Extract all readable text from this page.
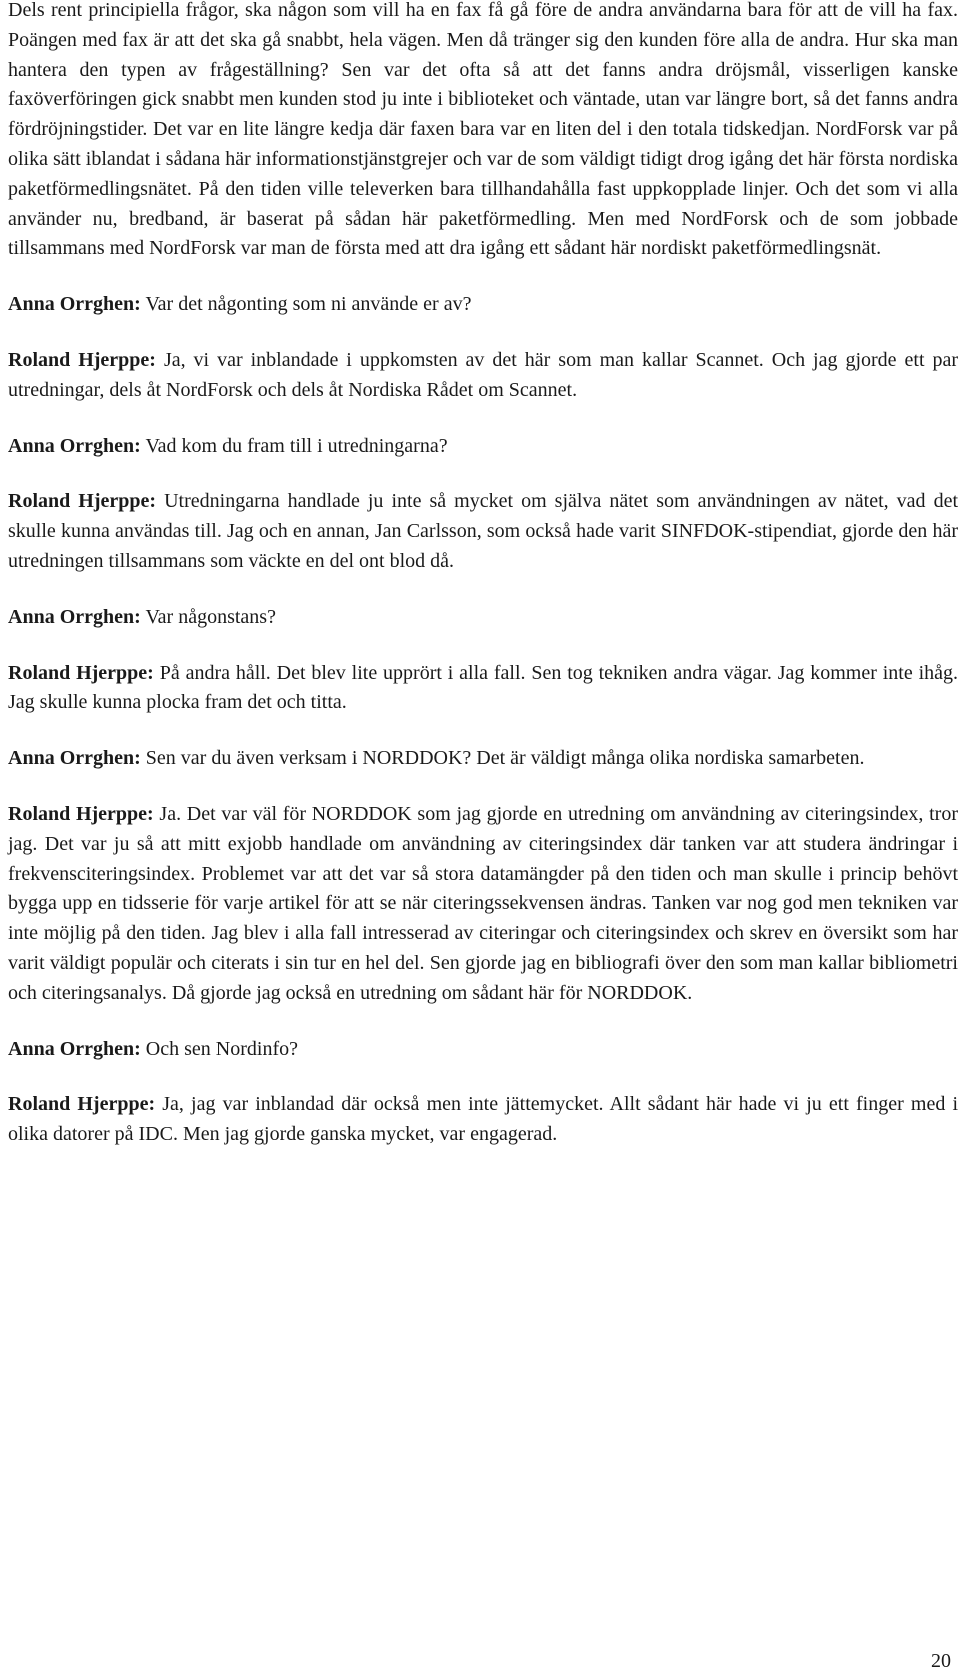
Dels rent principiella frågor, ska någon som vill ha en fax få gå före de andra användarna bara för att de vill ha fax. Poängen med fax är att det ska gå snabbt, hela vägen. Men då tränger sig den kunden före alla de andra. Hur ska man hantera den typen av frågeställning? Sen var det ofta så att det fanns andra dröjsmål, visserligen kanske faxöverföringen gick snabbt men kunden stod ju inte i biblioteket och väntade, utan var längre bort, så det fanns andra fördröjningstider. Det var en lite längre kedja där faxen bara var en liten del i den totala tidskedjan. NordForsk var på olika sätt iblandat i sådana här informationstjänstgrejer och var de som väldigt tidigt drog igång det här första nordiska paketförmedlingsnätet. På den tiden ville televerken bara tillhandahålla fast uppkopplade linjer. Och det som vi alla använder nu, bredband, är baserat på sådan här paketförmedling. Men med NordForsk och de som jobbade tillsammans med NordForsk var man de första med att dra igång ett sådant här nordiskt paketförmedlingsnät.

Anna Orrghen: Var det någonting som ni använde er av?

Roland Hjerppe: Ja, vi var inblandade i uppkomsten av det här som man kallar Scannet. Och jag gjorde ett par utredningar, dels åt NordForsk och dels åt Nordiska Rådet om Scannet.

Anna Orrghen: Vad kom du fram till i utredningarna?

Roland Hjerppe: Utredningarna handlade ju inte så mycket om själva nätet som användningen av nätet, vad det skulle kunna användas till. Jag och en annan, Jan Carlsson, som också hade varit SINFDOK-stipendiat, gjorde den här utredningen tillsammans som väckte en del ont blod då.

Anna Orrghen: Var någonstans?

Roland Hjerppe: På andra håll. Det blev lite upprört i alla fall. Sen tog tekniken andra vägar. Jag kommer inte ihåg. Jag skulle kunna plocka fram det och titta.

Anna Orrghen: Sen var du även verksam i NORDDOK? Det är väldigt många olika nordiska samarbeten.

Roland Hjerppe: Ja. Det var väl för NORDDOK som jag gjorde en utredning om användning av citeringsindex, tror jag. Det var ju så att mitt exjobb handlade om användning av citeringsindex där tanken var att studera ändringar i frekvensciteringsindex. Problemet var att det var så stora datamängder på den tiden och man skulle i princip behövt bygga upp en tidsserie för varje artikel för att se när citeringssekvensen ändras. Tanken var nog god men tekniken var inte möjlig på den tiden. Jag blev i alla fall intresserad av citeringar och citeringsindex och skrev en översikt som har varit väldigt populär och citerats i sin tur en hel del. Sen gjorde jag en bibliografi över den som man kallar bibliometri och citeringsanalys. Då gjorde jag också en utredning om sådant här för NORDDOK.

Anna Orrghen: Och sen Nordinfo?

Roland Hjerppe: Ja, jag var inblandad där också men inte jättemycket. Allt sådant här hade vi ju ett finger med i olika datorer på IDC. Men jag gjorde ganska mycket, var engagerad.

20
